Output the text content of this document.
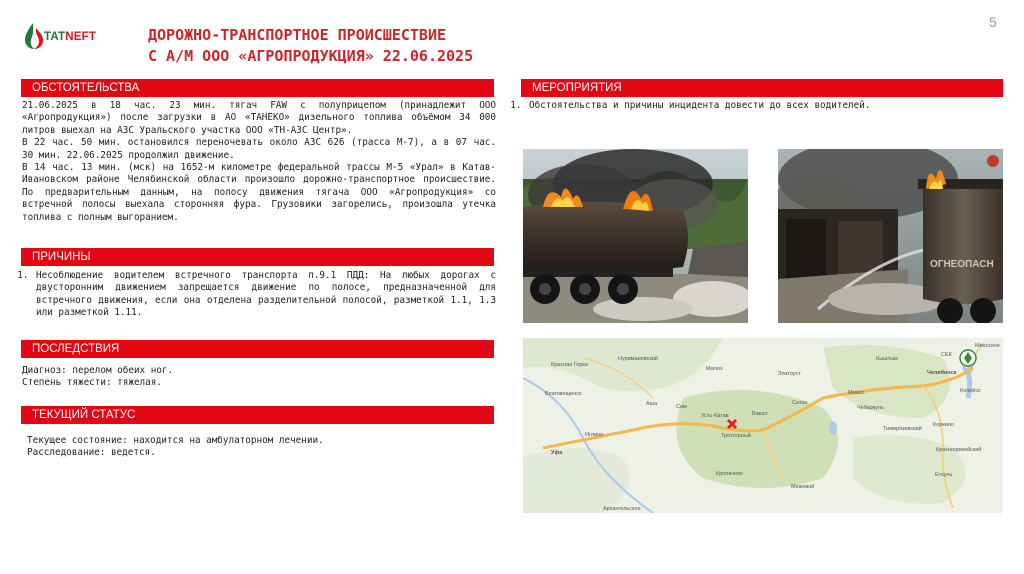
TATNEFT	ДОРОЖНО-ТРАНСПОРТНОЕ ПРОИСШЕСТВИЕ
С А/М ООО «АГРОПРОДУКЦИЯ» 22.06.2025
5
ОБСТОЯТЕЛЬСТВА
21.06.2025 в 18 час. 23 мин. тягач FAW с полуприцепом (принадлежит ООО «Агропродукция») после загрузки в АО «ТАНЕКО» дизельного топлива объёмом 34 000 литров выехал на АЗС Уральского участка ООО «ТН-АЗС Центр».
В 22 час. 50 мин. остановился переночевать около АЗС 626 (трасса М-7), а в 07 час. 30 мин. 22.06.2025 продолжил движение.
В 14 час. 13 мин. (мск) на 1652-м километре федеральной трассы М-5 «Урал» в Катав-Ивановском районе Челябинской области произошло дорожно-транспортное происшествие. По предварительным данным, на полосу движения тягача ООО «Агропродукция» со встречной полосы выехала сторонняя фура. Грузовики загорелись, произошла утечка топлива с полным выгоранием.
ПРИЧИНЫ
1. Несоблюдение водителем встречного транспорта п.9.1 ПДД: На любых дорогах с двусторонним движением запрещается движение по полосе, предназначенной для встречного движения, если она отделена разделительной полосой, разметкой 1.1, 1.3 или разметкой 1.11.
ПОСЛЕДСТВИЯ
Диагноз: перелом обеих ног.
Степень тяжести: тяжелая.
ТЕКУЩИЙ СТАТУС
Текущее состояние: находится на амбулаторном лечении.
Расследование: ведется.
МЕРОПРИЯТИЯ
1. Обстоятельства и причины инцидента довести до всех водителей.
ОГНЕОПАСН
Красная Горка
Нуримановский
Малоз
Златоуст
Кыштым
СЕК
Миасское
Челябинск
Копейск
Благовещенск
Аша	Сим
Усть-Катав
Трехгорный
Бакал
Сатка
Миасс
Чебаркуль
Тимирязевский
Коркино
Уфа
Иглино
Красноармейский
Кропачево
Межевой
Еткуль
Архангельское
